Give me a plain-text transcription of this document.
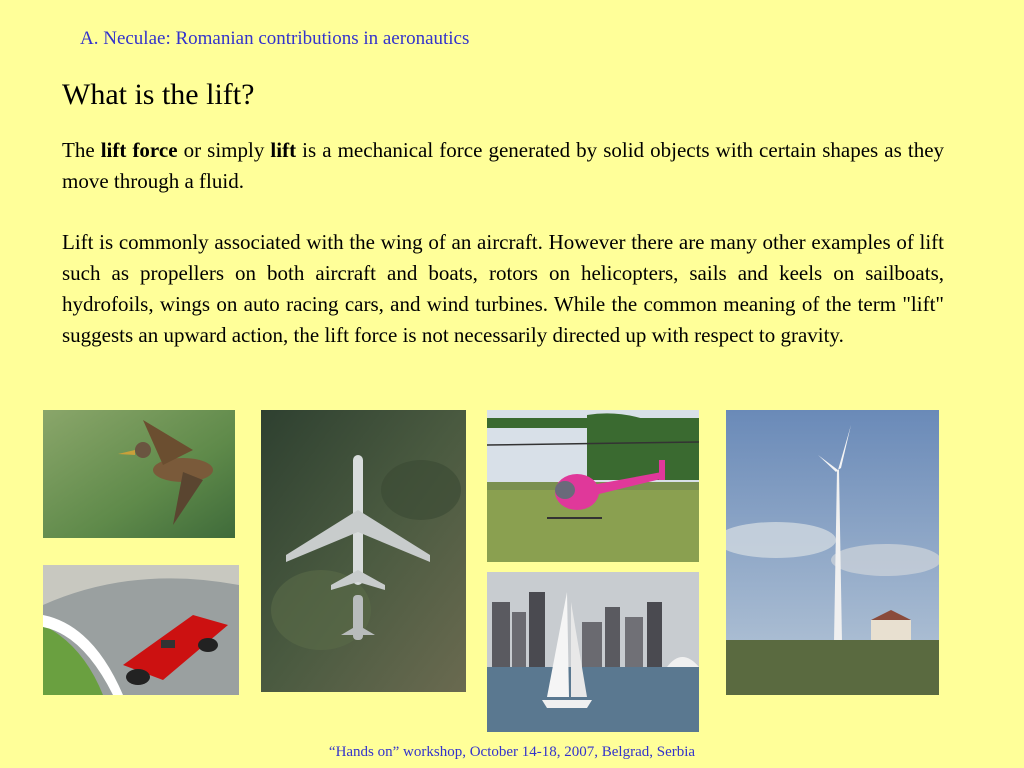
A. Neculae: Romanian contributions in aeronautics
What is the lift?

The lift force or simply lift is a mechanical force generated by solid objects with certain shapes as they move through a fluid.

Lift is commonly associated with the wing of an aircraft. However there are many other examples of lift such as propellers on both aircraft and boats, rotors on helicopters, sails and keels on sailboats, hydrofoils, wings on auto racing cars, and wind turbines. While the common meaning of the term "lift" suggests an upward action, the lift force is not necessarily directed up with respect to gravity.

“Hands on” workshop, October 14-18, 2007, Belgrad, Serbia
